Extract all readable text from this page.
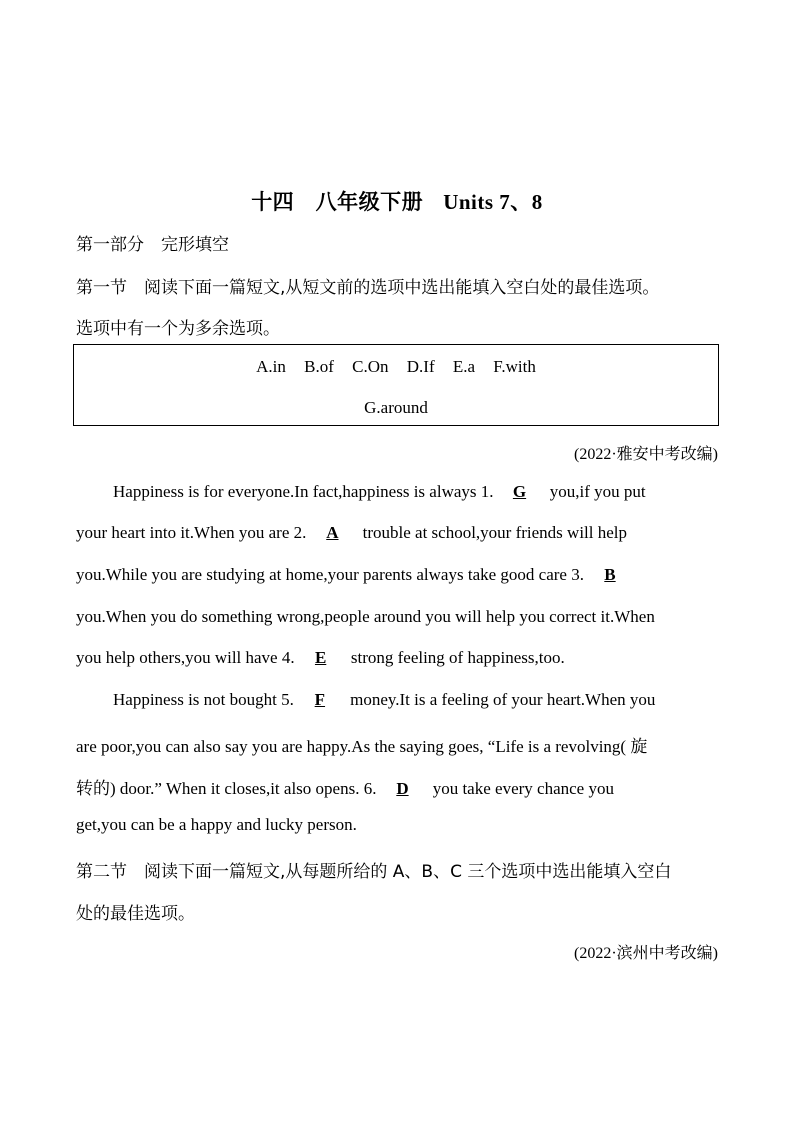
十四　八年级下册 Units 7、8
第一部分　完形填空
第一节　阅读下面一篇短文,从短文前的选项中选出能填入空白处的最佳选项。
选项中有一个为多余选项。
A.in B.of C.On D.If E.a F.with
G.around
(2022·雅安中考改编)
Happiness is for everyone.In fact,happiness is always 1. G you,if you put
your heart into it.When you are 2. A trouble at school,your friends will help
you.While you are studying at home,your parents always take good care 3. B
you.When you do something wrong,people around you will help you correct it.When
you help others,you will have 4. E strong feeling of happiness,too.
Happiness is not bought 5. F money.It is a feeling of your heart.When you
are poor,you can also say you are happy.As the saying goes, “Life is a revolving( 旋
转的) door.” When it closes,it also opens. 6. D you take every chance you
get,you can be a happy and lucky person.
第二节　阅读下面一篇短文,从每题所给的 A、B、C 三个选项中选出能填入空白
处的最佳选项。
(2022·滨州中考改编)
